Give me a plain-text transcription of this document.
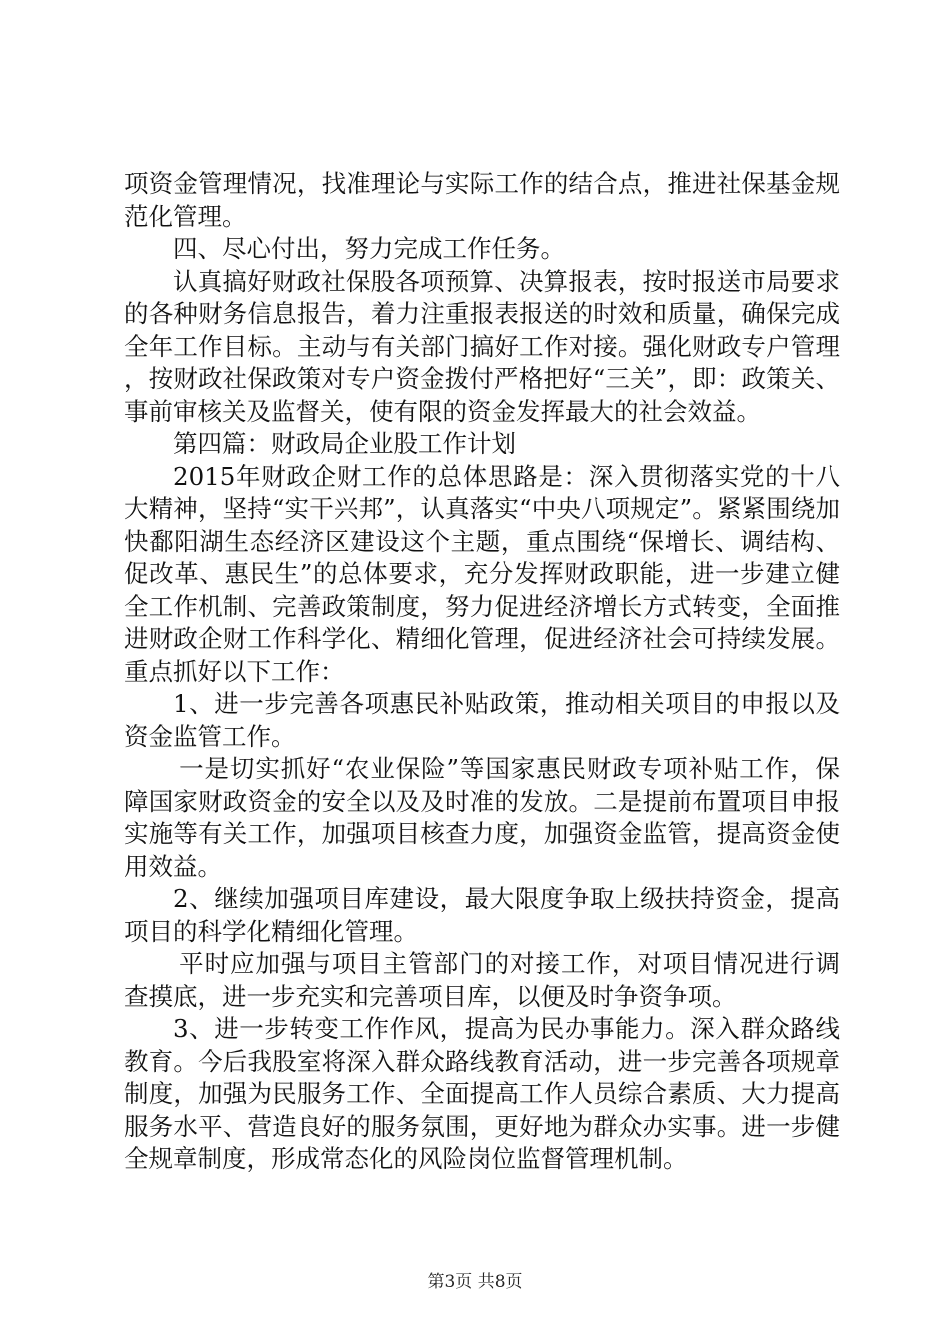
项资金管理情况，找准理论与实际工作的结合点，推进社保基金规范化管理。

四、尽心付出，努力完成工作任务。

认真搞好财政社保股各项预算、决算报表，按时报送市局要求的各种财务信息报告，着力注重报表报送的时效和质量，确保完成全年工作目标。主动与有关部门搞好工作对接。强化财政专户管理，按财政社保政策对专户资金拨付严格把好“三关”，即：政策关、事前审核关及监督关，使有限的资金发挥最大的社会效益。

第四篇：财政局企业股工作计划

2015年财政企财工作的总体思路是：深入贯彻落实党的十八大精神，坚持“实干兴邦”，认真落实“中央八项规定”。紧紧围绕加快鄱阳湖生态经济区建设这个主题，重点围绕“保增长、调结构、促改革、惠民生”的总体要求，充分发挥财政职能，进一步建立健全工作机制、完善政策制度，努力促进经济增长方式转变，全面推进财政企财工作科学化、精细化管理，促进经济社会可持续发展。重点抓好以下工作：

1、进一步完善各项惠民补贴政策，推动相关项目的申报以及资金监管工作。

一是切实抓好“农业保险”等国家惠民财政专项补贴工作，保障国家财政资金的安全以及及时准的发放。二是提前布置项目申报实施等有关工作，加强项目核查力度，加强资金监管，提高资金使用效益。

2、继续加强项目库建设，最大限度争取上级扶持资金，提高项目的科学化精细化管理。

平时应加强与项目主管部门的对接工作，对项目情况进行调查摸底，进一步充实和完善项目库，以便及时争资争项。

3、进一步转变工作作风，提高为民办事能力。深入群众路线教育。今后我股室将深入群众路线教育活动，进一步完善各项规章制度，加强为民服务工作、全面提高工作人员综合素质、大力提高服务水平、营造良好的服务氛围，更好地为群众办实事。进一步健全规章制度，形成常态化的风险岗位监督管理机制。

第3页 共8页
